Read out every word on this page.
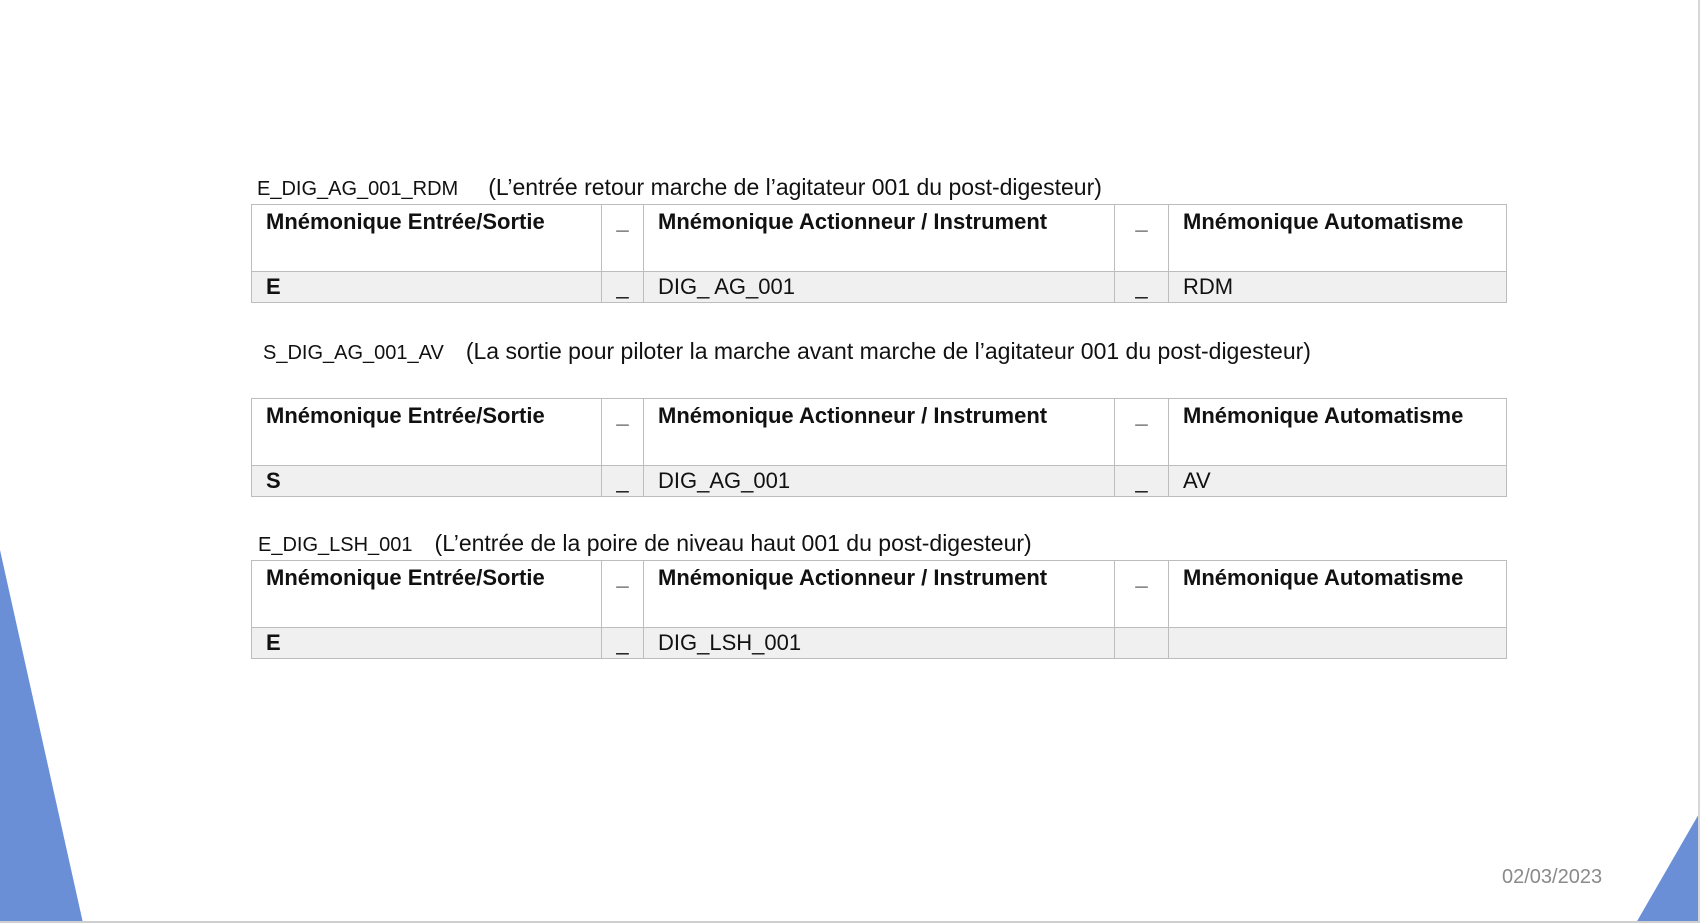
E_DIG_AG_001_RDM (L’entrée retour marche de l’agitateur 001 du post-digesteur)
Mnémonique Entrée/Sortie	_	Mnémonique Actionneur / Instrument	_	Mnémonique Automatisme
E	_	DIG_ AG_001	_	RDM
S_DIG_AG_001_AV (La sortie pour piloter la marche avant marche de l’agitateur 001 du post-digesteur)
Mnémonique Entrée/Sortie	_	Mnémonique Actionneur / Instrument	_	Mnémonique Automatisme
S	_	DIG_AG_001	_	AV
E_DIG_LSH_001 (L’entrée de la poire de niveau haut 001 du post-digesteur)
Mnémonique Entrée/Sortie	_	Mnémonique Actionneur / Instrument	_	Mnémonique Automatisme
E	_	DIG_LSH_001		
02/03/2023
